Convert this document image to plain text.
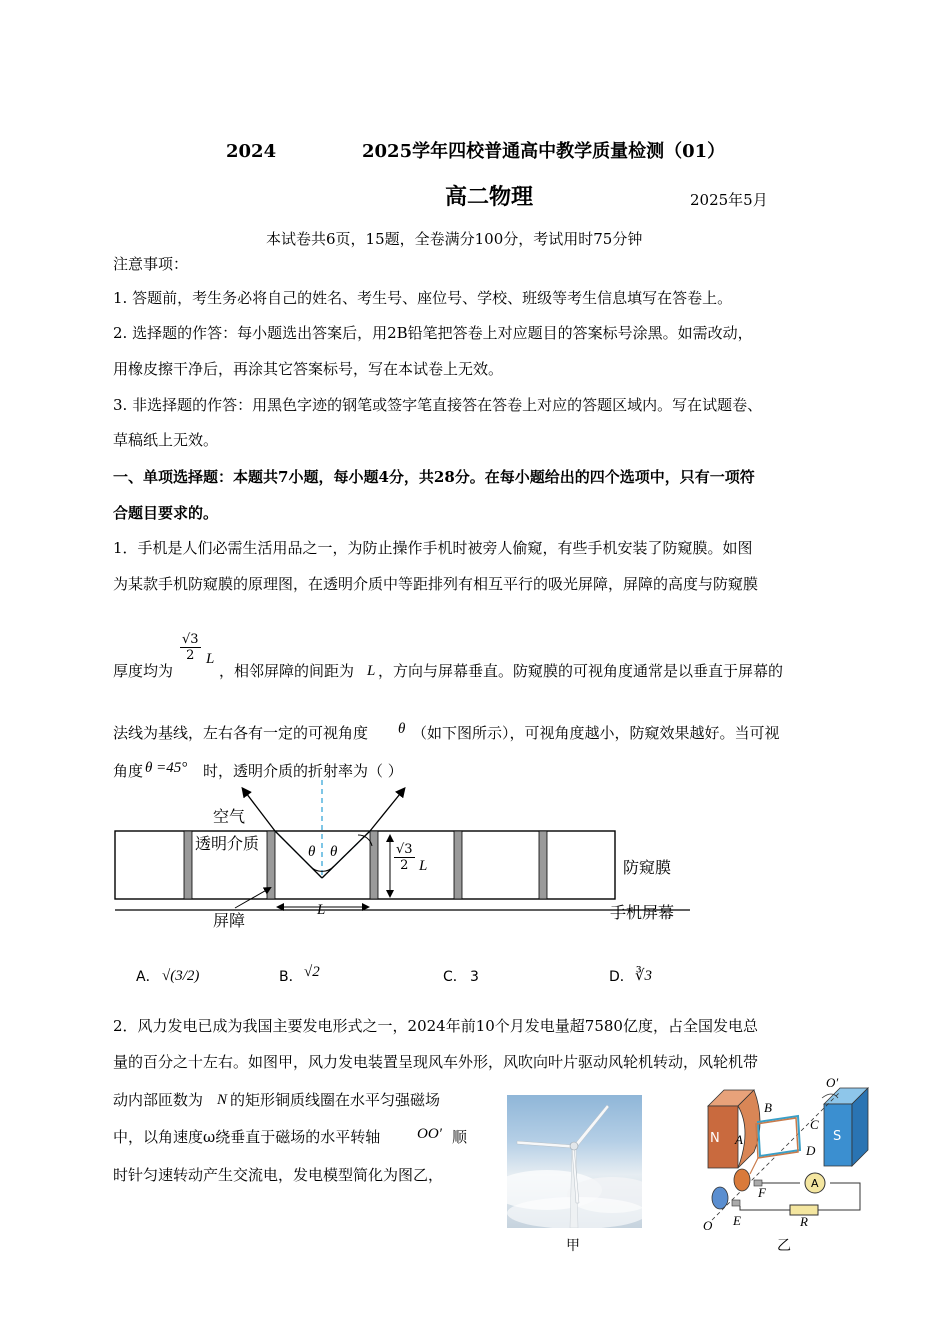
2024	2025学年四校普通高中教学质量检测（01）
高二物理	2025年5月
本试卷共6页，15题，全卷满分100分，考试用时75分钟
注意事项：
1. 答题前，考生务必将自己的姓名、考生号、座位号、学校、班级等考生信息填写在答卷上。
2. 选择题的作答：每小题选出答案后，用2B铅笔把答卷上对应题目的答案标号涂黑。如需改动，
用橡皮擦干净后，再涂其它答案标号，写在本试卷上无效。
3. 非选择题的作答：用黑色字迹的钢笔或签字笔直接答在答卷上对应的答题区域内。写在试题卷、
草稿纸上无效。
一、单项选择题：本题共7小题，每小题4分，共28分。在每小题给出的四个选项中，只有一项符
合题目要求的。
1．手机是人们必需生活用品之一，为防止操作手机时被旁人偷窥，有些手机安装了防窥膜。如图
为某款手机防窥膜的原理图，在透明介质中等距排列有相互平行的吸光屏障，屏障的高度与防窥膜
厚度均为
$\frac{√3}{2}$ L
，相邻屏障的间距为 L ，方向与屏幕垂直。防窥膜的可视角度通常是以垂直于屏幕的
法线为基线，左右各有一定的可视角度 θ （如下图所示），可视角度越小，防窥效果越好。当可视
角度 θ =45° 时，透明介质的折射率为（ ）
空气
透明介质
屏障
防窥膜
手机屏幕
θ θ
L
$\frac{√3}{2}$ L
A． √(3/2)	B． √2	C． 3	D． ∛3
2．风力发电已成为我国主要发电形式之一，2024年前10个月发电量超7580亿度，占全国发电总
量的百分之十左右。如图甲，风力发电装置呈现风车外形，风吹向叶片驱动风轮机转动，风轮机带
动内部匝数为 N 的矩形铜质线圈在水平匀强磁场
中，以角速度ω绕垂直于磁场的水平转轴 OO′ 顺
时针匀速转动产生交流电，发电模型简化为图乙，
甲
N	S
A
B
C
D
F
E
O
O′
A
R
乙
